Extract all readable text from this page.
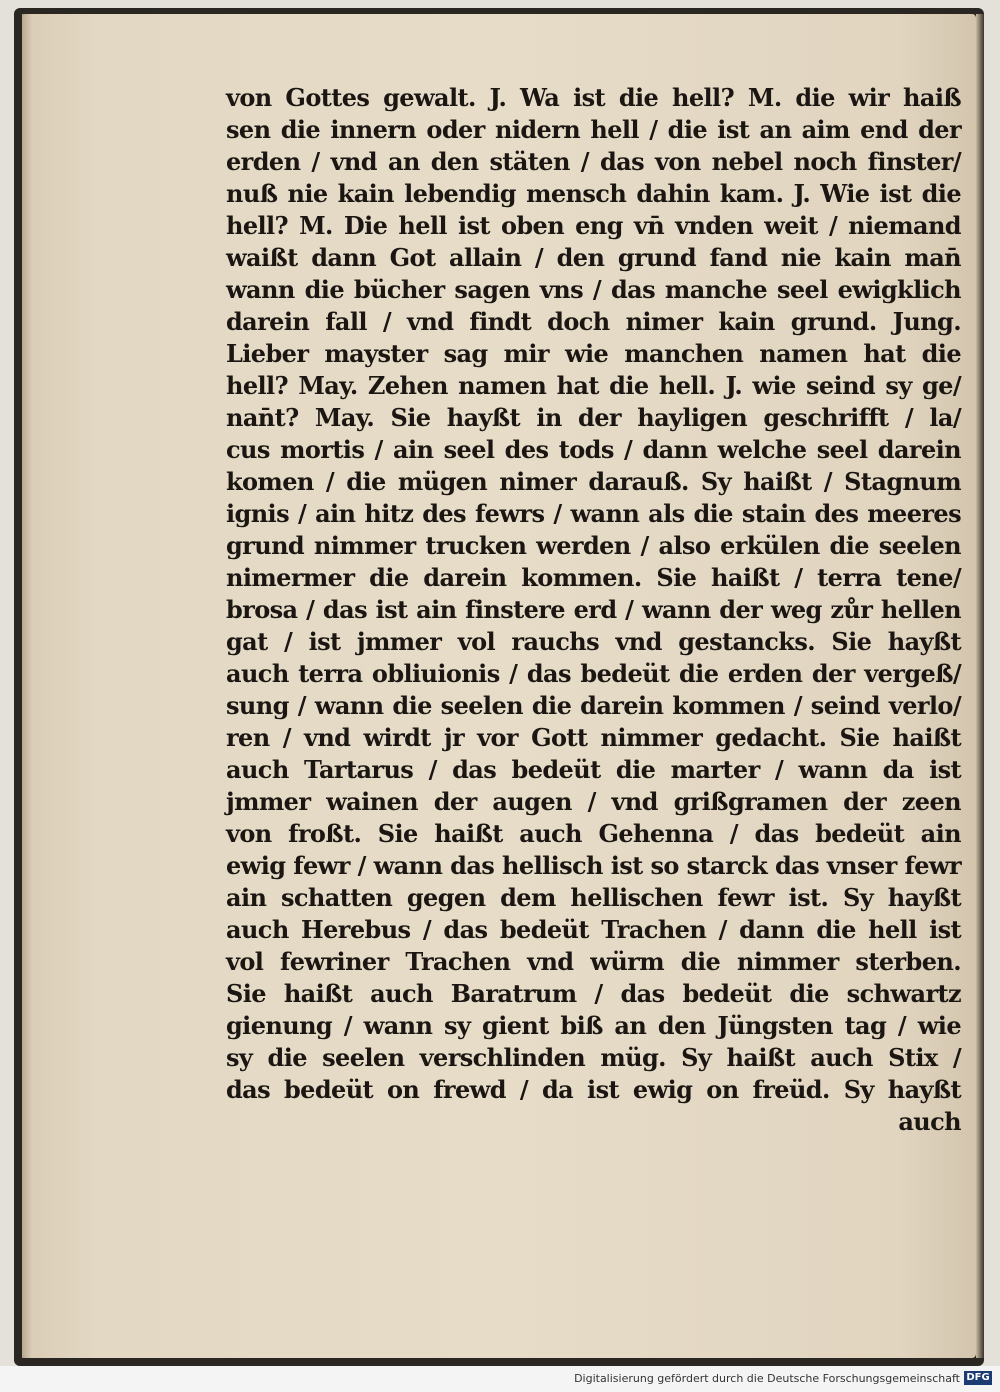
von Gottes gewalt. J. Wa ist die hell? M. die wir haiß
sen die innern oder nidern hell / die ist an aim end der
erden / vnd an den stäten / das von nebel noch finster/
nuß nie kain lebendig mensch dahin kam. J. Wie ist die
hell? M. Die hell ist oben eng vn̄ vnden weit / niemand
waißt dann Got allain / den grund fand nie kain man̄
wann die bücher sagen vns / das manche seel ewigklich
darein fall / vnd findt doch nimer kain grund. Jung.
Lieber mayster sag mir wie manchen namen hat die
hell? May. Zehen namen hat die hell. J. wie seind sy ge/
nan̄t? May. Sie hayßt in der hayligen geschrifft / la/
cus mortis / ain seel des tods / dann welche seel darein
komen / die mügen nimer darauß. Sy haißt / Stagnum
ignis / ain hitz des fewrs / wann als die stain des meeres
grund nimmer trucken werden / also erkülen die seelen
nimermer die darein kommen. Sie haißt / terra tene/
brosa / das ist ain finstere erd / wann der weg zůr hellen
gat / ist jmmer vol rauchs vnd gestancks. Sie hayßt
auch terra obliuionis / das bedeüt die erden der vergeß/
sung / wann die seelen die darein kommen / seind verlo/
ren / vnd wirdt jr vor Gott nimmer gedacht. Sie haißt
auch Tartarus / das bedeüt die marter / wann da ist
jmmer wainen der augen / vnd grißgramen der zeen
von froßt. Sie haißt auch Gehenna / das bedeüt ain
ewig fewr / wann das hellisch ist so starck das vnser fewr
ain schatten gegen dem hellischen fewr ist. Sy hayßt
auch Herebus / das bedeüt Trachen / dann die hell ist
vol fewriner Trachen vnd würm die nimmer sterben.
Sie haißt auch Baratrum / das bedeüt die schwartz
gienung / wann sy gient biß an den Jüngsten tag / wie
sy die seelen verschlinden müg. Sy haißt auch Stix /
das bedeüt on frewd / da ist ewig on freüd. Sy hayßt
auch
Digitalisierung gefördert durch die Deutsche Forschungsgemeinschaft DFG
